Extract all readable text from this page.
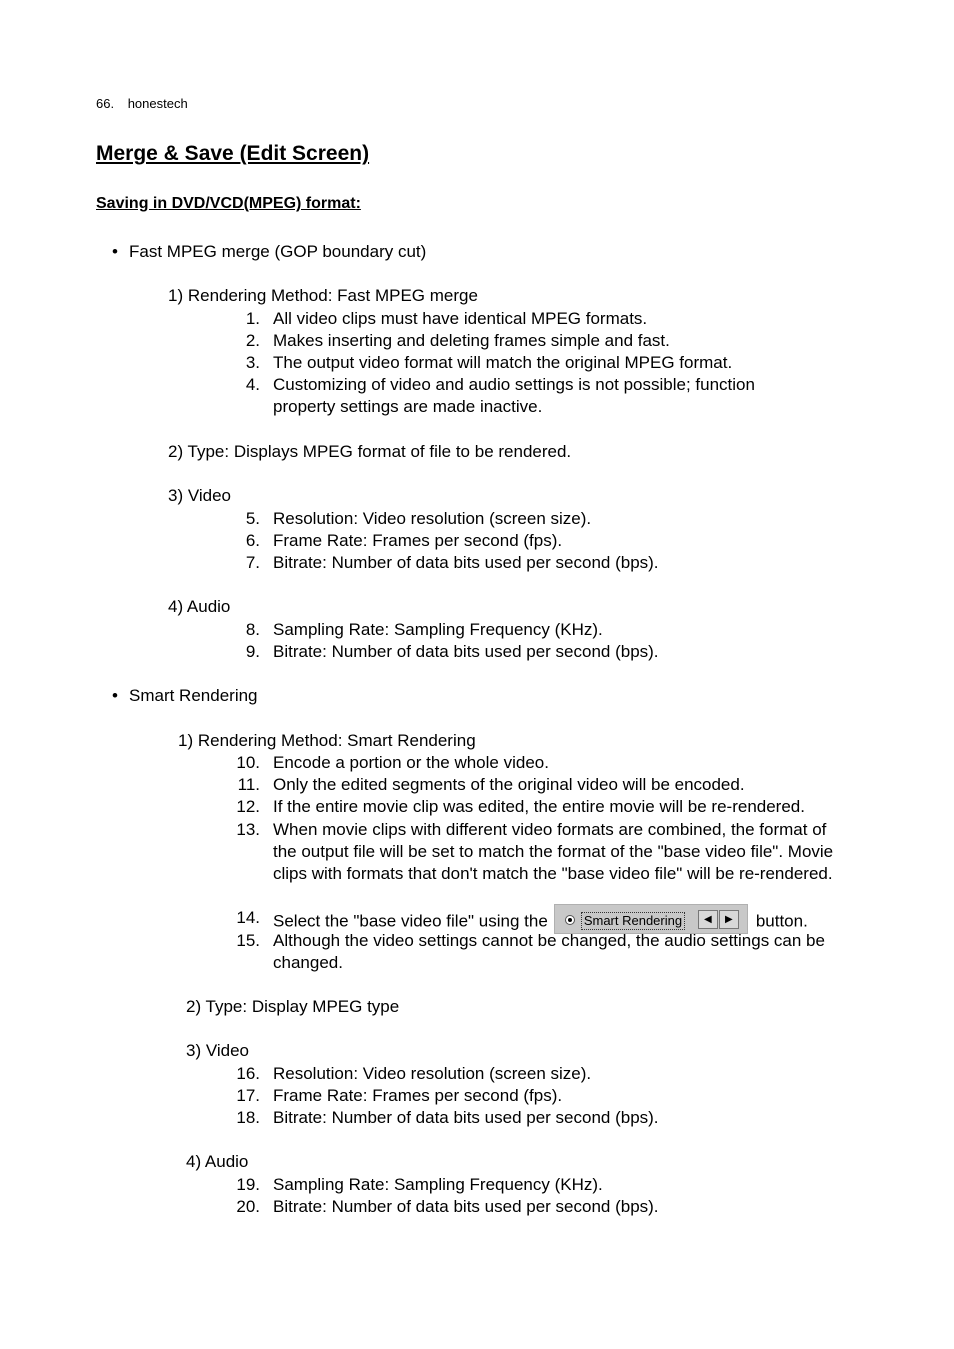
66. honestech
Merge & Save (Edit Screen)
Saving in DVD/VCD(MPEG) format:
• Fast MPEG merge (GOP boundary cut)
1) Rendering Method: Fast MPEG merge
1. All video clips must have identical MPEG formats.
2. Makes inserting and deleting frames simple and fast.
3. The output video format will match the original MPEG format.
4. Customizing of video and audio settings is not possible; function property settings are made inactive.
2) Type: Displays MPEG format of file to be rendered.
3) Video
5. Resolution: Video resolution (screen size).
6. Frame Rate: Frames per second (fps).
7. Bitrate: Number of data bits used per second (bps).
4) Audio
8. Sampling Rate: Sampling Frequency (KHz).
9. Bitrate: Number of data bits used per second (bps).
• Smart Rendering
1) Rendering Method: Smart Rendering
10. Encode a portion or the whole video.
11. Only the edited segments of the original video will be encoded.
12. If the entire movie clip was edited, the entire movie will be re-rendered.
13. When movie clips with different video formats are combined, the format of the output file will be set to match the format of the "base video file". Movie clips with formats that don't match the "base video file" will be re-rendered.
14. Select the "base video file" using the	Smart Rendering	◀	▶	button.
15. Although the video settings cannot be changed, the audio settings can be changed.
2) Type: Display MPEG type
3) Video
16. Resolution: Video resolution (screen size).
17. Frame Rate: Frames per second (fps).
18. Bitrate: Number of data bits used per second (bps).
4) Audio
19. Sampling Rate: Sampling Frequency (KHz).
20. Bitrate: Number of data bits used per second (bps).
